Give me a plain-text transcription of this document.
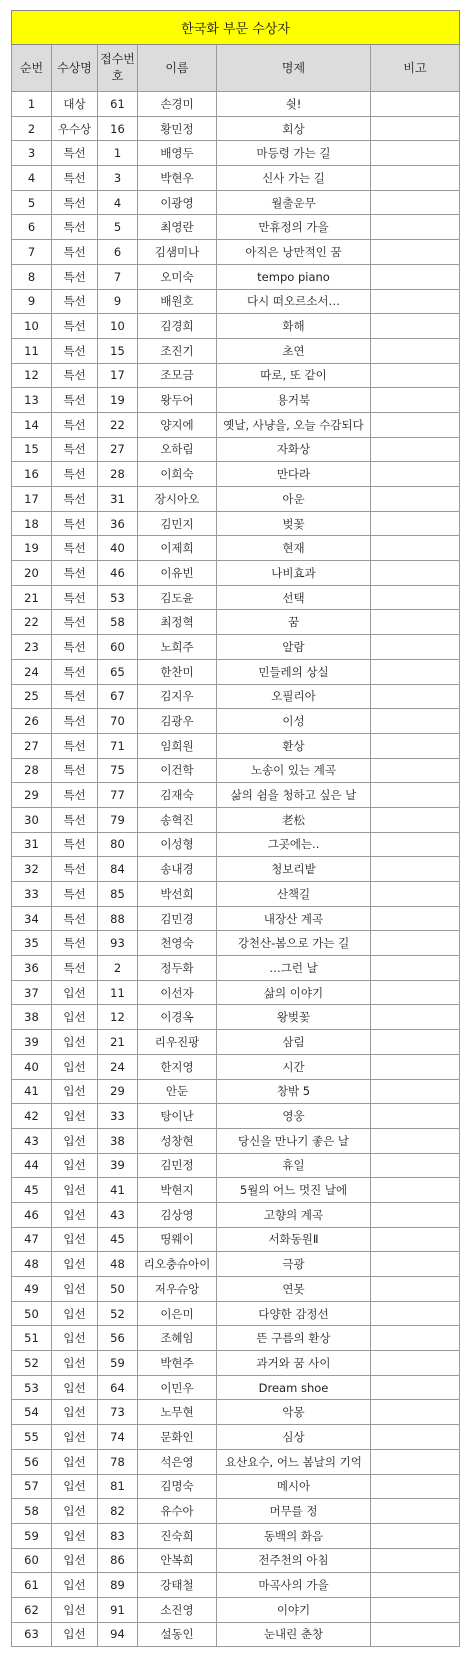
한국화 부문 수상자					
순번	수상명	접수번호	이름	명제	비고
1	대상	61	손경미	쉿!	
2	우수상	16	황민정	회상	
3	특선	1	배영두	마등령 가는 길	
4	특선	3	박현우	신사 가는 길	
5	특선	4	이광영	월출운무	
6	특선	5	최영란	만휴정의 가을	
7	특선	6	김샘미나	아직은 낭만적인 꿈	
8	특선	7	오미숙	tempo piano	
9	특선	9	배원호	다시 떠오르소서…	
10	특선	10	김경희	화해	
11	특선	15	조진기	초연	
12	특선	17	조모금	따로, 또 같이	
13	특선	19	왕두어	용거북	
14	특선	22	양지에	옛날, 사냥을, 오늘 수감되다	
15	특선	27	오하림	자화상	
16	특선	28	이희숙	만다라	
17	특선	31	장시아오	아운	
18	특선	36	김민지	벚꽃	
19	특선	40	이제희	현재	
20	특선	46	이유빈	나비효과	
21	특선	53	김도윤	선택	
22	특선	58	최정혁	꿈	
23	특선	60	노희주	알람	
24	특선	65	한찬미	민들레의 상실	
25	특선	67	김지우	오필리아	
26	특선	70	김광우	이성	
27	특선	71	임희원	환상	
28	특선	75	이건학	노송이 있는 계곡	
29	특선	77	김재숙	삶의 쉼을 청하고 싶은 날	
30	특선	79	송혁진	老松	
31	특선	80	이성형	그곳에는..	
32	특선	84	송내경	청보리밭	
33	특선	85	박선희	산책길	
34	특선	88	김민경	내장산 계곡	
35	특선	93	천영숙	강천산-봄으로 가는 길	
36	특선	2	정두화	…그런 날	
37	입선	11	이선자	삶의 이야기	
38	입선	12	이경옥	왕벚꽃	
39	입선	21	리우진팡	삼림	
40	입선	24	한지영	시간	
41	입선	29	안둔	창밖 5	
42	입선	33	탕이난	영웅	
43	입선	38	성창현	당신을 만나기 좋은 날	
44	입선	39	김민정	휴일	
45	입선	41	박현지	5월의 어느 멋진 날에	
46	입선	43	김상영	고향의 계곡	
47	입선	45	띵웨이	서화동원Ⅱ	
48	입선	48	리오충슈아이	극광	
49	입선	50	저우슈앙	연못	
50	입선	52	이은미	다양한 감정선	
51	입선	56	조혜임	뜬 구름의 환상	
52	입선	59	박현주	과거와 꿈 사이	
53	입선	64	이민우	Dream shoe	
54	입선	73	노무현	악몽	
55	입선	74	문화인	심상	
56	입선	78	석은영	요산요수, 어느 봄날의 기억	
57	입선	81	김명숙	메시아	
58	입선	82	유수아	머무를 정	
59	입선	83	진숙희	동백의 화음	
60	입선	86	안복희	전주천의 아침	
61	입선	89	강태철	마곡사의 가을	
62	입선	91	소진영	이야기	
63	입선	94	설동인	눈내린 춘창	
